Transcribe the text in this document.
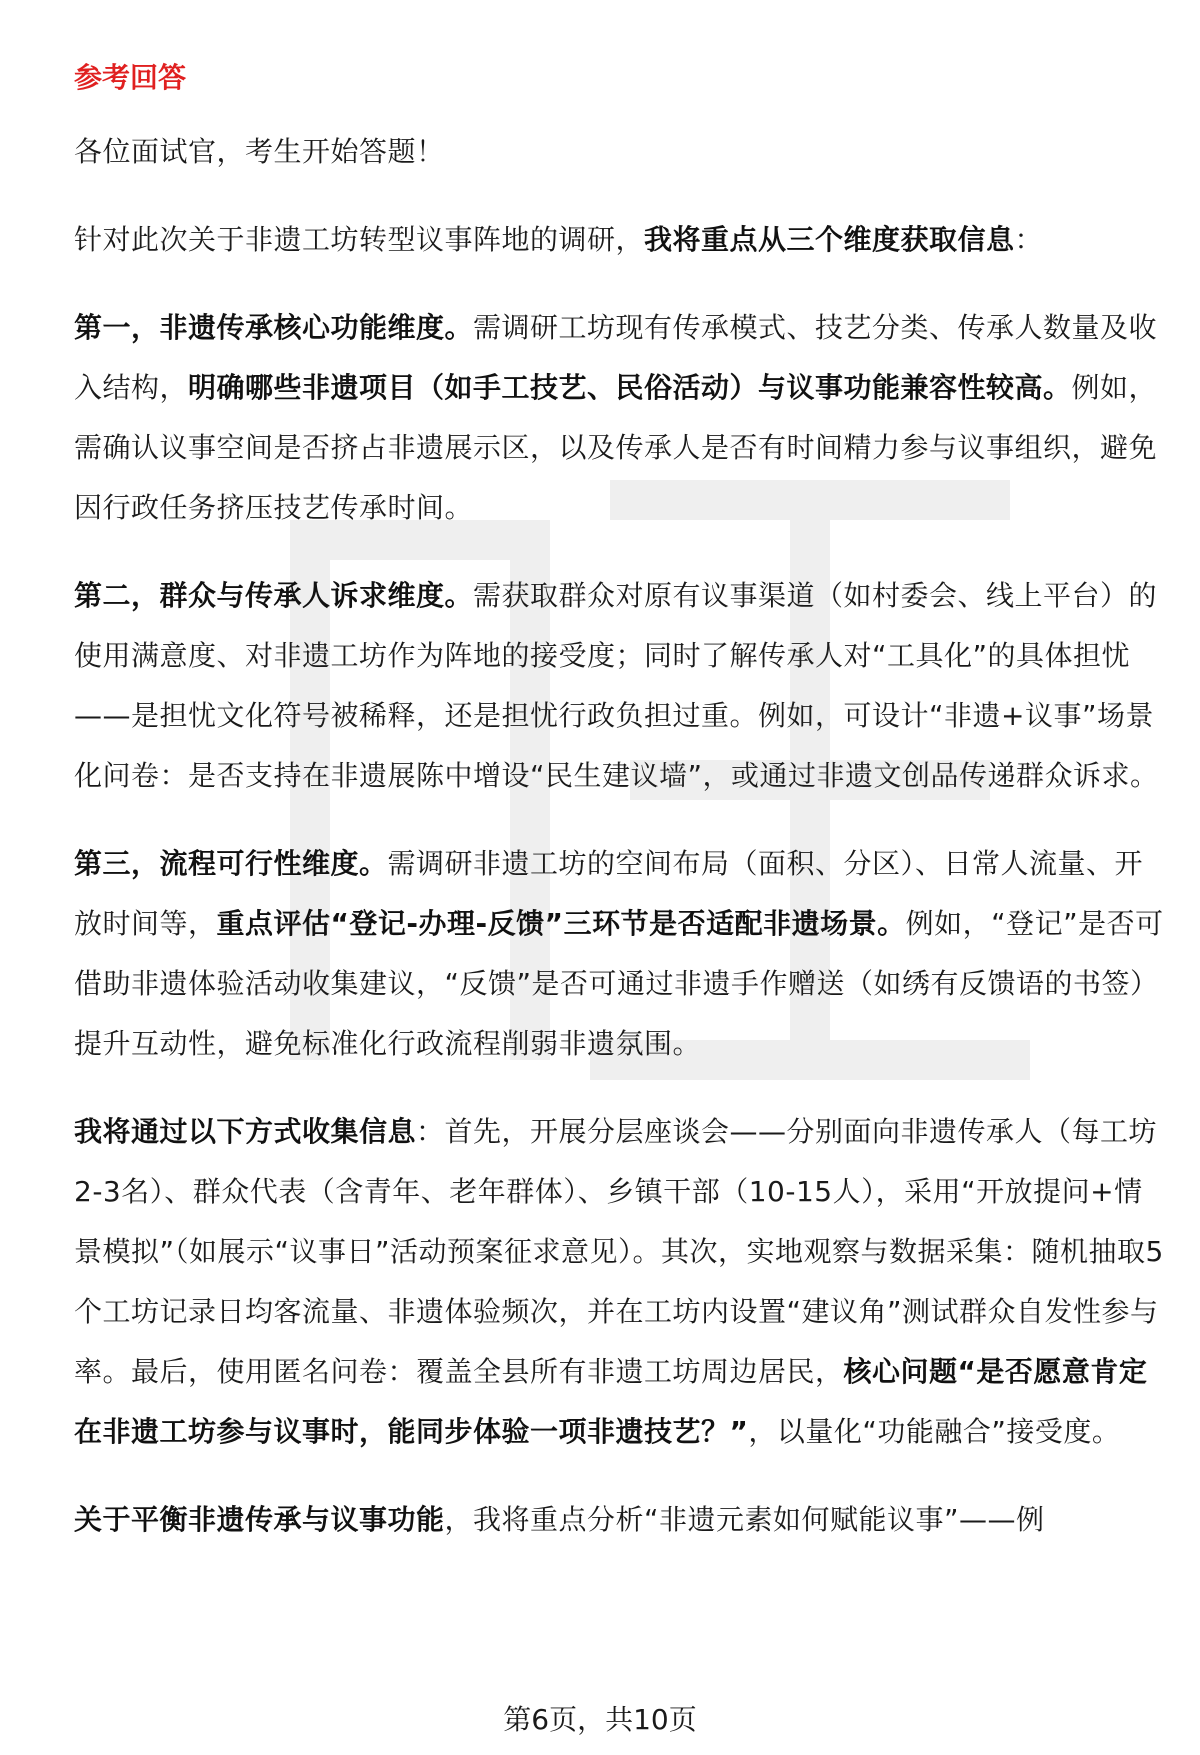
参考回答
各位面试官，考生开始答题！
针对此次关于非遗工坊转型议事阵地的调研，我将重点从三个维度获取信息：
第一，非遗传承核心功能维度。需调研工坊现有传承模式、技艺分类、传承人数量及收入结构，明确哪些非遗项目（如手工技艺、民俗活动）与议事功能兼容性较高。例如，需确认议事空间是否挤占非遗展示区，以及传承人是否有时间精力参与议事组织，避免因行政任务挤压技艺传承时间。
第二，群众与传承人诉求维度。需获取群众对原有议事渠道（如村委会、线上平台）的使用满意度、对非遗工坊作为阵地的接受度；同时了解传承人对“工具化”的具体担忧——是担忧文化符号被稀释，还是担忧行政负担过重。例如，可设计“非遗+议事”场景化问卷：是否支持在非遗展陈中增设“民生建议墙”，或通过非遗文创品传递群众诉求。
第三，流程可行性维度。需调研非遗工坊的空间布局（面积、分区）、日常人流量、开放时间等，重点评估“登记-办理-反馈”三环节是否适配非遗场景。例如，“登记”是否可借助非遗体验活动收集建议，“反馈”是否可通过非遗手作赠送（如绣有反馈语的书签）提升互动性，避免标准化行政流程削弱非遗氛围。
我将通过以下方式收集信息：首先，开展分层座谈会——分别面向非遗传承人（每工坊2-3名）、群众代表（含青年、老年群体）、乡镇干部（10-15人），采用“开放提问+情景模拟”（如展示“议事日”活动预案征求意见）。其次，实地观察与数据采集：随机抽取5个工坊记录日均客流量、非遗体验频次，并在工坊内设置“建议角”测试群众自发性参与率。最后，使用匿名问卷：覆盖全县所有非遗工坊周边居民，核心问题“是否愿意肯定在非遗工坊参与议事时，能同步体验一项非遗技艺？”，以量化“功能融合”接受度。
关于平衡非遗传承与议事功能，我将重点分析“非遗元素如何赋能议事”——例
第6页，共10页
